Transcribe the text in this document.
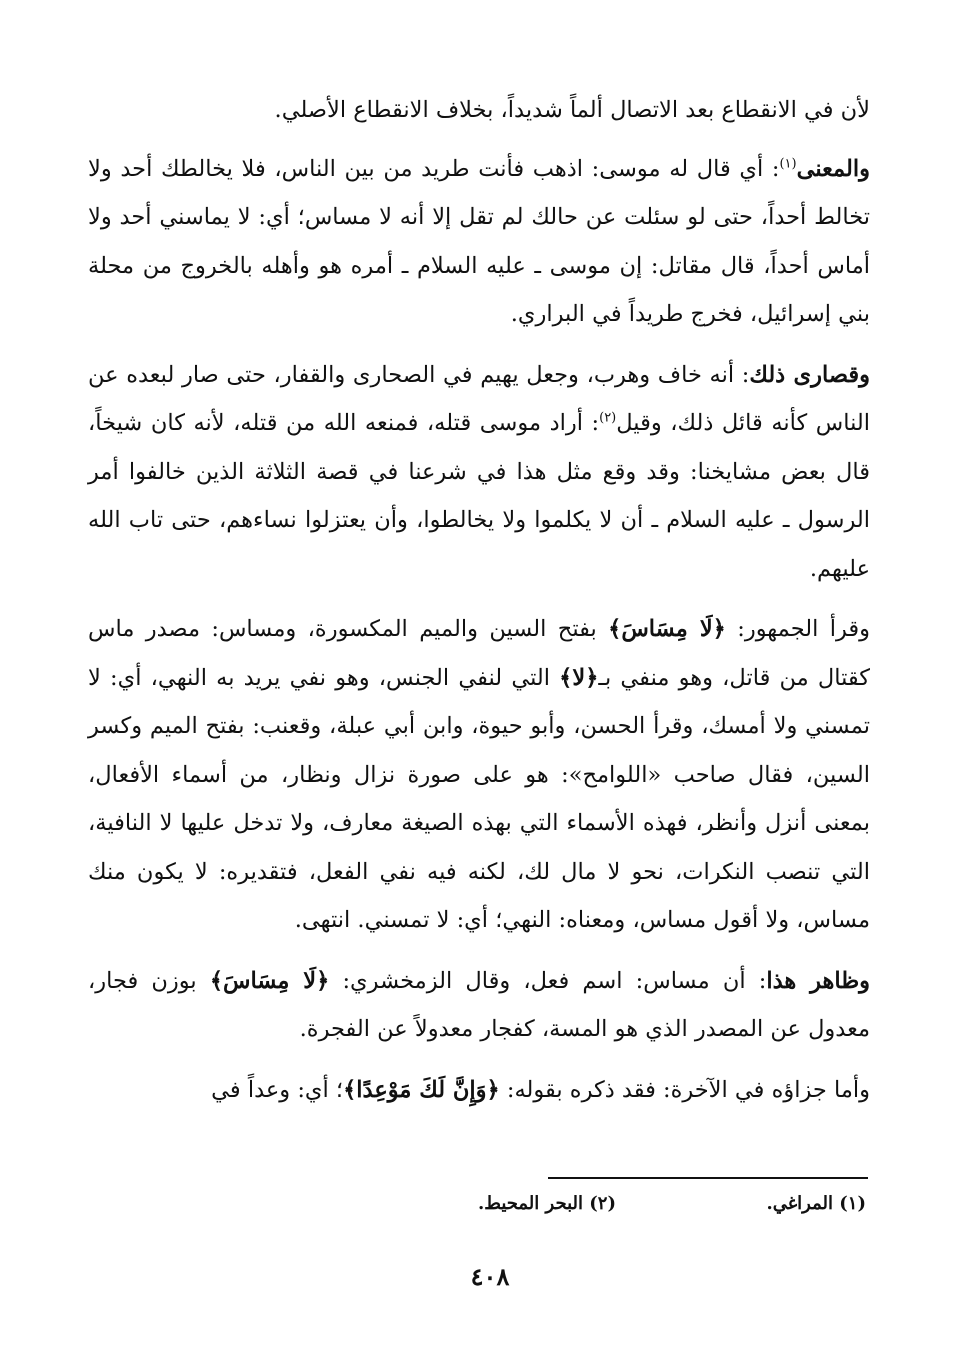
لأن في الانقطاع بعد الاتصال ألماً شديداً، بخلاف الانقطاع الأصلي.

والمعنى$^{(١)}$: أي قال له موسى: اذهب فأنت طريد من بين الناس، فلا يخالطك أحد ولا تخالط أحداً، حتى لو سئلت عن حالك لم تقل إلا أنه لا مساس؛ أي: لا يماسني أحد ولا أماس أحداً، قال مقاتل: إن موسى ـ عليه السلام ـ أمره هو وأهله بالخروج من محلة بني إسرائيل، فخرج طريداً في البراري.

وقصارى ذلك: أنه خاف وهرب، وجعل يهيم في الصحارى والقفار، حتى صار لبعده عن الناس كأنه قائل ذلك، وقيل$^{(٢)}$: أراد موسى قتله، فمنعه الله من قتله، لأنه كان شيخاً، قال بعض مشايخنا: وقد وقع مثل هذا في شرعنا في قصة الثلاثة الذين خالفوا أمر الرسول ـ عليه السلام ـ أن لا يكلموا ولا يخالطوا، وأن يعتزلوا نساءهم، حتى تاب الله عليهم.

وقرأ الجمهور: ﴿لَا مِسَاسَ﴾ بفتح السين والميم المكسورة، ومساس: مصدر ماس كقتال من قاتل، وهو منفي بـ﴿لا﴾ التي لنفي الجنس، وهو نفي يريد به النهي، أي: لا تمسني ولا أمسك، وقرأ الحسن، وأبو حيوة، وابن أبي عبلة، وقعنب: بفتح الميم وكسر السين، فقال صاحب «اللوامح»: هو على صورة نزال ونظار، من أسماء الأفعال، بمعنى أنزل وأنظر، فهذه الأسماء التي بهذه الصيغة معارف، ولا تدخل عليها لا النافية، التي تنصب النكرات، نحو لا مال لك، لكنه فيه نفي الفعل، فتقديره: لا يكون منك مساس، ولا أقول مساس، ومعناه: النهي؛ أي: لا تمسني. انتهى.

وظاهر هذا: أن مساس: اسم فعل، وقال الزمخشري: ﴿لَا مِسَاسَ﴾ بوزن فجار، معدول عن المصدر الذي هو المسة، كفجار معدولاً عن الفجرة.

وأما جزاؤه في الآخرة: فقد ذكره بقوله: ﴿وَإِنَّ لَكَ مَوْعِدًا﴾؛ أي: وعداً في

(١) المراغي.
(٢) البحر المحيط.
٤٠٨
